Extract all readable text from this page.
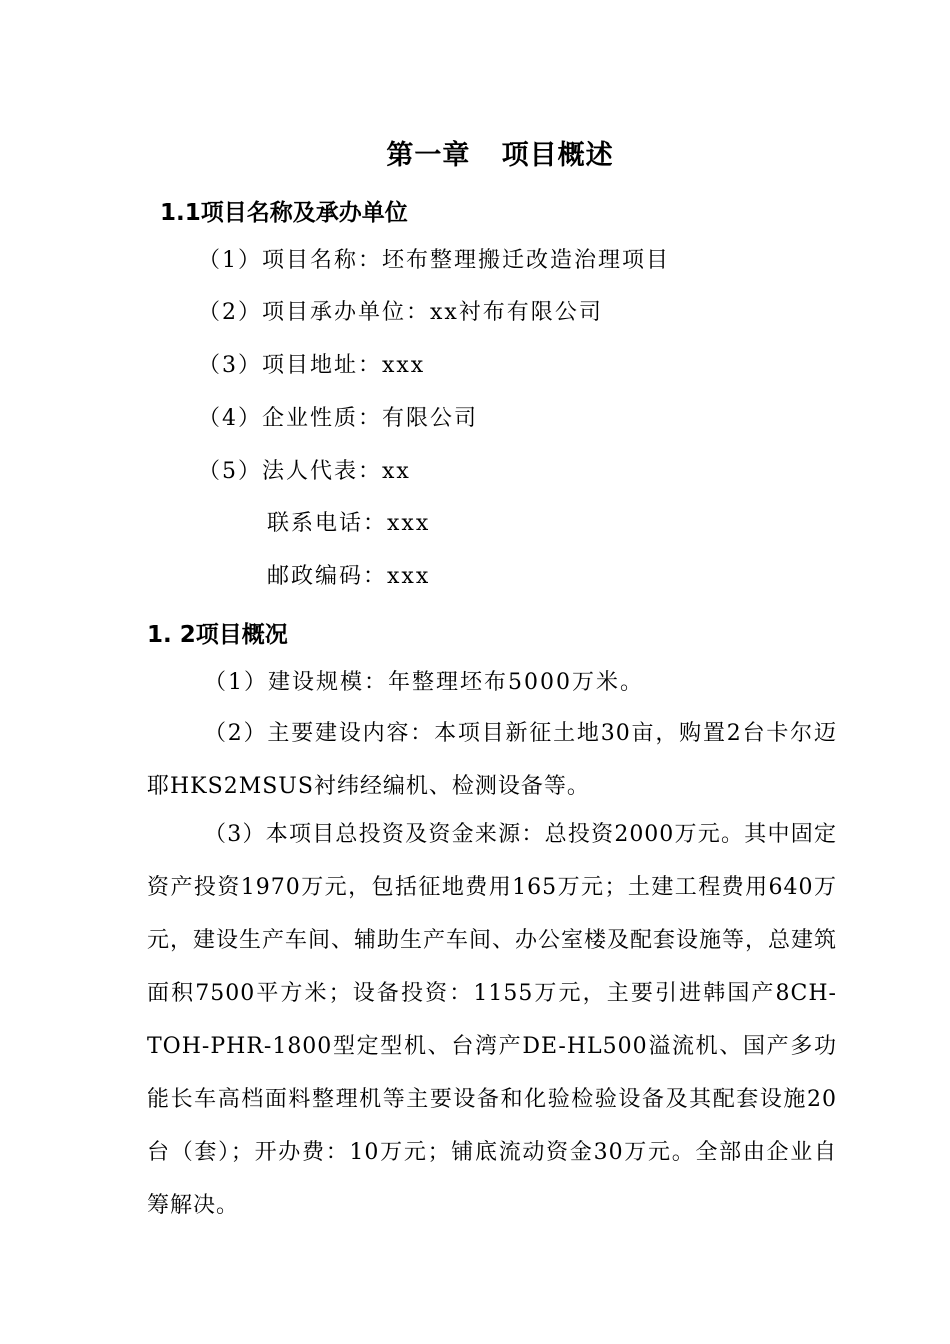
第一章   项目概述
1.1项目名称及承办单位
（1）项目名称：坯布整理搬迁改造治理项目
（2）项目承办单位：xx衬布有限公司
（3）项目地址：xxx
（4）企业性质：有限公司
（5）法人代表：xx
联系电话：xxx
邮政编码：xxx
1. 2项目概况
（1）建设规模：年整理坯布5000万米。
（2）主要建设内容：本项目新征土地30亩，购置2台卡尔迈耶HKS2MSUS衬纬经编机、检测设备等。
（3）本项目总投资及资金来源：总投资2000万元。其中固定资产投资1970万元，包括征地费用165万元；土建工程费用640万元，建设生产车间、辅助生产车间、办公室楼及配套设施等，总建筑面积7500平方米；设备投资：1155万元，主要引进韩国产8CH-TOH-PHR-1800型定型机、台湾产DE-HL500溢流机、国产多功能长车高档面料整理机等主要设备和化验检验设备及其配套设施20台（套）；开办费：10万元；铺底流动资金30万元。全部由企业自筹解决。
